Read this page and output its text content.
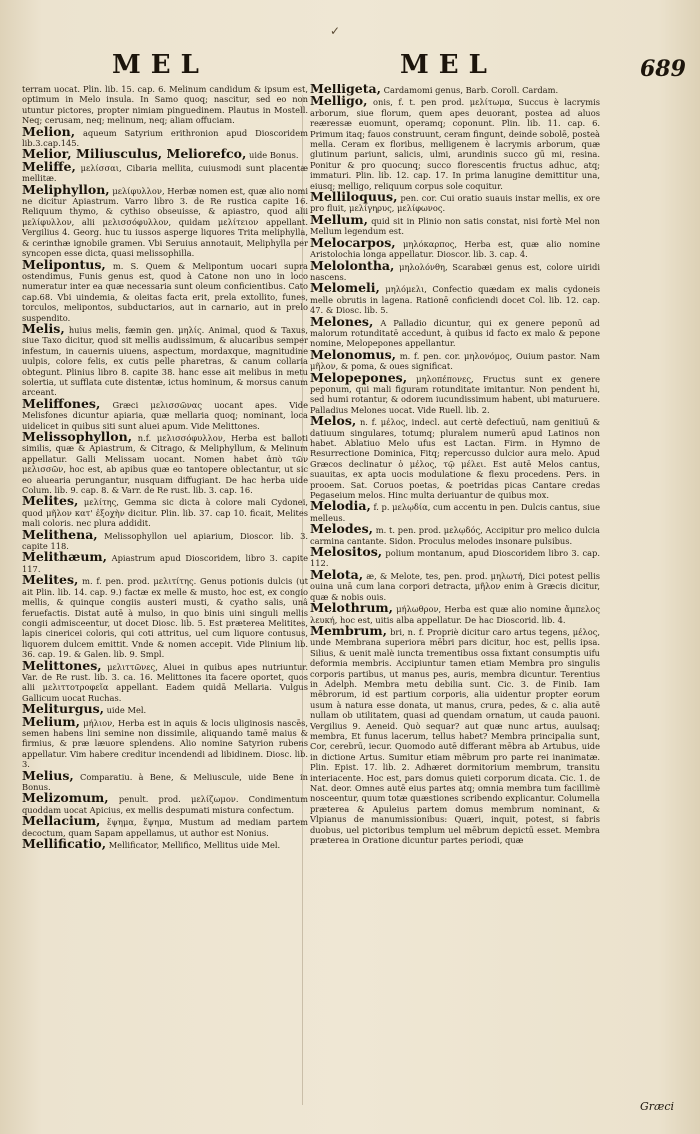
✓
MEL	MEL	689

terram uocat. Plin. lib. 15. cap. 6. Melinum candidum & ipsum est, optimum in Melo insula. In Samo quoq; nascitur, sed eo non utuntur pictores, propter nimiam pinguedinem. Plautus in Mostell. Neq; cerusam, neq; melinum, neq; aliam offuciam.

Melion, aqueum Satyrium erithronion apud Dioscoridem lib.3.cap.145.

Melior, Miliusculus, Meliorefco, uide Bonus.

Meliffe, μελίσσαι, Cibaria mellita, cuiusmodi sunt placentæ mellitæ.

Meliphyllon, μελίφυλλον, Herbæ nomen est, quæ alio nomi ne dicitur Apiastrum. Varro libro 3. de Re rustica capite 16. Reliquum thymo, & cythiso obseuisse, & apiastro, quod alii μελίφυλλον, alii μελισσόφυλλον, quidam μελίτειον appellant. Vergilius 4. Georg. huc tu iussos asperge liquores Trita meliphylla, & cerinthæ ignobile gramen. Vbi Seruius annotauit, Meliphylla per syncopen esse dicta, quasi melissophilla.

Melipontus, m. S. Quem & Melipontum uocari supra ostendimus, Funis genus est, quod à Catone non uno in loco numeratur inter ea quæ necessaria sunt oleum conficientibus. Cato cap.68. Vbi uindemia, & oleitas facta erit, prela extollito, funes, torculos, melipontos, subductarios, aut in carnario, aut in prelo suspendito.

Melis, huius melis, fæmin gen. μηλίς. Animal, quod & Taxus, siue Taxo dicitur, quod sit mellis audissimum, & alucaribus semper infestum, in cauernis uiuens, aspectum, mordaxque, magnitudine uulpis, colore felis, ex cutis pelle pharetras, & canum collaria obtegunt. Plinius libro 8. capite 38. hanc esse ait melibus in metu solertia, ut sufflata cute distentæ, ictus hominum, & morsus canum arceant.

Meliffones, Græci μελισσῶνας uocant apes. Vide Melisfones dicuntur apiaria, quæ mellaria quoq; nominant, loca uidelicet in quibus siti sunt aluei apum. Vide Melittones.

Melissophyllon, n.f. μελισσόφυλλον, Herba est balloti similis, quæ & Apiastrum, & Citrago, & Meliphyllum, & Melinum appellatur. Galli Melissam uocant. Nomen habet ἀπὸ τῶν μελισσῶν, hoc est, ab apibus quæ eo tantopere oblectantur, ut sic eo aluearia perungantur, nusquam diffugiant. De hac herba uide Colum. lib. 9. cap. 8. & Varr. de Re rust. lib. 3. cap. 16.

Melites, μελίτης, Gemma sic dicta à colore mali Cydonei, quod μῆλον κατ' ἐξοχὴν dicitur. Plin. lib. 37. cap 10. ficait, Melites mali coloris. nec plura addidit.

Melithena, Melissophyllon uel apiarium, Dioscor. lib. 3. capite 118.

Melithæum, Apiastrum apud Dioscoridem, libro 3. capite 117.

Melites, m. f. pen. prod. μελιτίτης. Genus potionis dulcis (ut ait Plin. lib. 14. cap. 9.) factæ ex melle & musto, hoc est, ex congio mellis, & quinque congiis austeri musti, & cyatho salis, unâ feruefactis. Distat autē à mulso, in quo binis uini singuli mellis congii admisceentur, ut docet Diosc. lib. 5. Est præterea Melitites, lapis cinericei coloris, qui coti attritus, uel cum liquore contusus, liquorem dulcem emittit. Vnde & nomen accepit. Vide Plinium lib. 36. cap. 19. & Galen. lib. 9. Smpl.

Melittones, μελιττῶνες, Aluei in quibus apes nutriuntur. Var. de Re rust. lib. 3. ca. 16. Melittones ita facere oportet, quos alii μελιττοτροφεῖα appellant. Eadem quidā Mellaria. Vulgus Gallicum uocat Ruchas.

Meliturgus, uide Mel.

Melium, μήλιον, Herba est in aquis & locis uliginosis nascēs, semen habens lini semine non dissimile, aliquando tamē maius & firmius, & præ læuore splendens. Alio nomine Satyrion rubens appellatur. Vim habere creditur incendendi ad libidinem. Diosc. lib. 3.

Melius, Comparatiu. à Bene, & Meliuscule, uide Bene in Bonus.

Melizomum, penult. prod. μελίζωμον. Condimentum quoddam uocat Apicius, ex mellis despumati mistura confectum.

Mellacium, ἕψημα, ἕψημα, Mustum ad mediam partem decoctum, quam Sapam appellamus, ut author est Nonius.

Mellificatio, Mellificator, Mellifico, Mellitus uide Mel.

Melligeta, Cardamomi genus, Barb. Coroll. Cardam.

Melligo, onis, f. t. pen prod. μελίτωμα, Succus è lacrymis arborum, siue florum, quem apes deuorant, postea ad aluos reæressæ euomunt, operamq; coponunt. Plin. lib. 11. cap. 6. Primum itaq; fauos construunt, ceram fingunt, deinde sobolē, posteà mella. Ceram ex floribus, melligenem è lacrymis arborum, quæ glutinum pariunt, salicis, ulmi, arundinis succo gū mi, resina. Ponitur & pro quocunq; succo florescentis fructus adhuc, atq; immaturi. Plin. lib. 12. cap. 17. In prima lanugine demittitur una, eiusq; melligo, reliquum corpus sole coquitur.

Melliloquus, pen. cor. Cui oratio suauis instar mellis, ex ore pro fluit, μελίγηρυς, μελίφωνος.

Mellum, quid sit in Plinio non satis constat, nisi fortè Mel non Mellum legendum est.

Melocarpos, μηλόκαρπος, Herba est, quæ alio nomine Aristolochia longa appellatur. Dioscor. lib. 3. cap. 4.

Melolontha, μηλολόνθη, Scarabæi genus est, colore uiridi nascens.

Melomeli, μηλόμελι, Confectio quædam ex malis cydoneis melle obrutis in lagena. Rationē conficiendi docet Col. lib. 12. cap. 47. & Diosc. lib. 5.

Melones, A Palladio dicuntur, qui ex genere peponū ad malorum rotunditatē accedunt, à quibus id facto ex malo & pepone nomine, Melopepones appellantur.

Melonomus, m. f. pen. cor. μηλονόμος, Ouium pastor. Nam μῆλον, & poma, & oues significat.

Melopepones, μηλοπέπονες, Fructus sunt ex genere peponum, qui mali figuram rotunditate imitantur. Non pendent hi, sed humi rotantur, & odorem iucundissimum habent, ubi maturuere. Palladius Melones uocat. Vide Ruell. lib. 2.

Melos, n. f. μέλος, indecl. aut certè defectiuū, nam genitiuū & datiuum singulares, totumq; pluralem numerū apud Latinos non habet. Ablatiuo Melo ufus est Lactan. Firm. in Hymno de Resurrectione Dominica, Fitq; repercusso dulcior aura melo. Apud Græcos declinatur ὁ μέλος, τῷ μέλει. Est autē Melos cantus, suauitas, ex apta uocis modulatione & flexu procedens. Pers. in prooem. Sat. Coruos poetas, & poetridas picas Cantare credas Pegaseium melos. Hinc multa deriuantur de quibus mox.

Melodia, f. p. μελῳδία, cum accentu in pen. Dulcis cantus, siue melleus.

Melodes, m. t. pen. prod. μελῳδός, Accipitur pro melico dulcia carmina cantante. Sidon. Proculus melodes insonare pulsibus.

Melositos, polium montanum, apud Dioscoridem libro 3. cap. 112.

Melota, æ, & Melote, tes, pen. prod. μηλωτή, Dici potest pellis ouina unā cum lana corpori detracta, μῆλον enim à Græcis dicitur, quæ & nobis ouis.

Melothrum, μήλωθρον, Herba est quæ alio nomine ἄμπελος λευκή, hoc est, uitis alba appellatur. De hac Dioscorid. lib. 4.

Membrum, bri, n. f. Propriè dicitur caro artus tegens, μέλος, unde Membrana superiora mēbri pars dicitur, hoc est, pellis ipsa. Silius, & uenit malè iuncta trementibus ossa fixtant consumptis uifu deformia membris. Accipiuntur tamen etiam Membra pro singulis corporis partibus, ut manus pes, auris, membra dicuntur. Terentius in Adelph. Membra metu debilia sunt. Cic. 3. de Finib. Iam mēbrorum, id est partium corporis, alia uidentur propter eorum usum à natura esse donata, ut manus, crura, pedes, & c. alia autē nullam ob utilitatem, quasi ad quendam ornatum, ut cauda pauoni. Vergilius 9. Aeneid. Quò sequar? aut quæ nunc artus, auulsaq; membra, Et funus lacerum, tellus habet? Membra principalia sunt, Cor, cerebrū, iecur. Quomodo autē differant mēbra ab Artubus, uide in dictione Artus. Sumitur etiam mēbrum pro parte rei inanimatæ. Plin. Epist. 17. lib. 2. Adhæret dormitorium membrum, transitu interiacente. Hoc est, pars domus quieti corporum dicata. Cic. 1. de Nat. deor. Omnes autē eius partes atq; omnia membra tum facillimè nosceentur, quum totæ quæstiones scribendo explicantur. Columella præterea & Apuleius partem domus membrum nominant, & Vlpianus de manumissionibus: Quæri, inquit, potest, si fabris duobus, uel pictoribus templum uel mēbrum depictū esset. Membra præterea in Oratione dicuntur partes periodi, quæ

Græci
